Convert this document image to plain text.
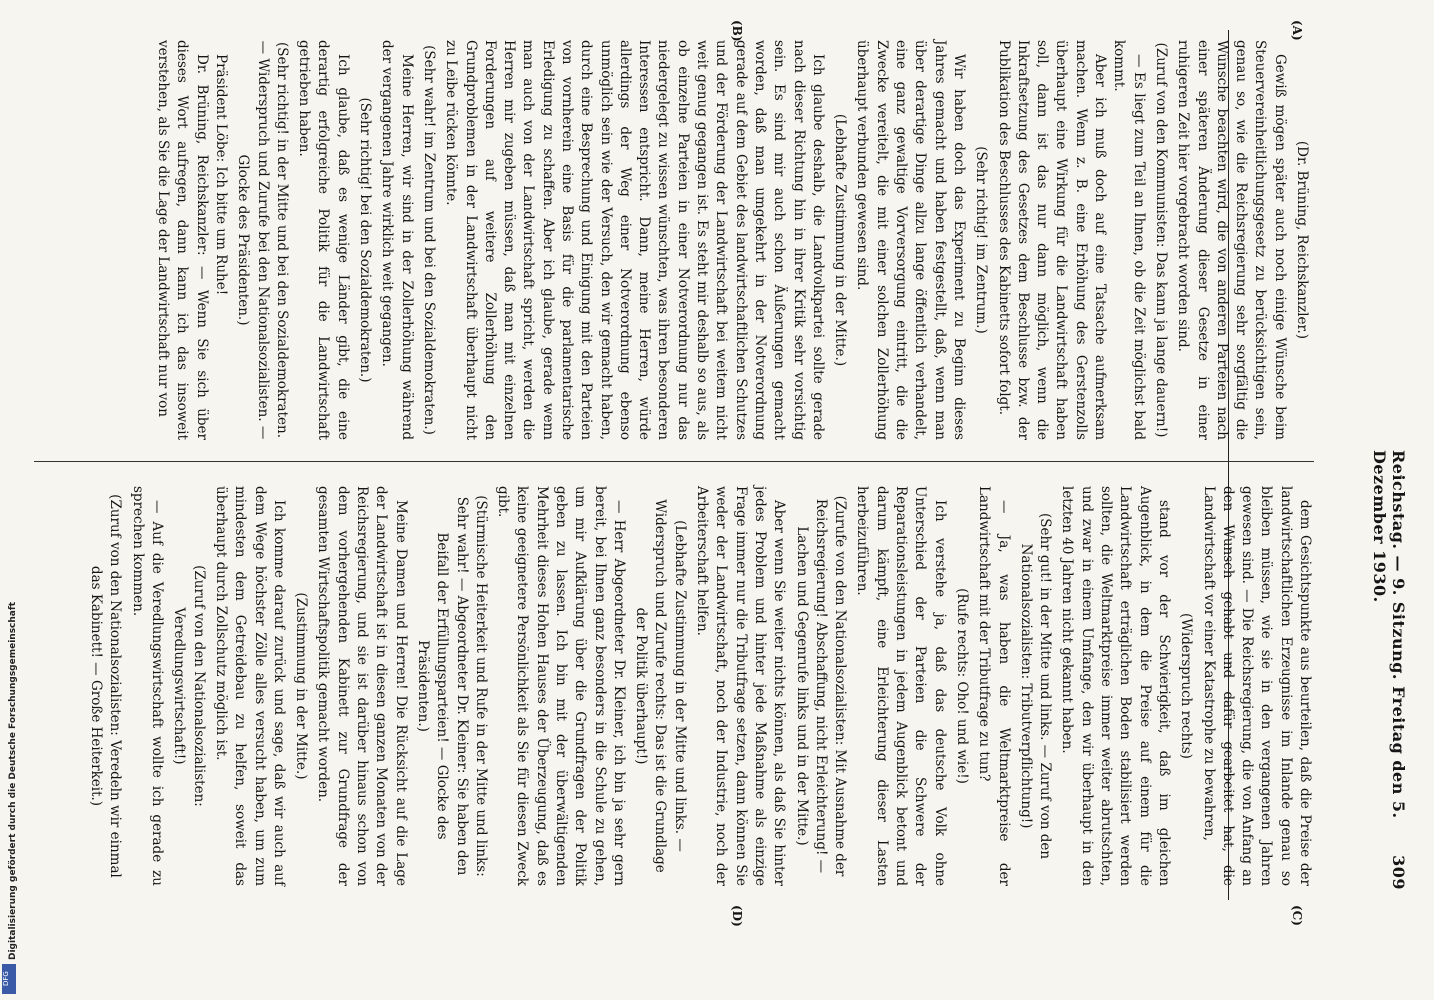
Reichstag. — 9. Sitzung. Freitag den 5. Dezember 1930.
309
(A)
(B)
(C)
(D)
(Dr. Brüning, Reichskanzler.)
Gewiß mögen später auch noch einige Wünsche beim Steuervereinheitlichungsgesetz zu berücksichtigen sein, genau so, wie die Reichsregierung sehr sorgfältig die Wünsche beachten wird, die von anderen Parteien nach einer späteren Änderung dieser Gesetze in einer ruhigeren Zeit hier vorgebracht worden sind.
(Zuruf von den Kommunisten: Das kann ja lange dauern!)
— Es liegt zum Teil an Ihnen, ob die Zeit möglichst bald kommt.
Aber ich muß doch auf eine Tatsache aufmerksam machen. Wenn z. B. eine Erhöhung des Gerstenzolls überhaupt eine Wirkung für die Landwirtschaft haben soll, dann ist das nur dann möglich, wenn die Inkraftsetzung des Gesetzes dem Beschlusse bzw. der Publikation des Beschlusses des Kabinetts sofort folgt.
(Sehr richtig! im Zentrum.)
Wir haben doch das Experiment zu Beginn dieses Jahres gemacht und haben festgestellt, daß, wenn man über derartige Dinge allzu lange öffentlich verhandelt, eine ganz gewaltige Vorversorgung eintritt, die die Zwecke vereitelt, die mit einer solchen Zollerhöhung überhaupt verbunden gewesen sind.
(Lebhafte Zustimmung in der Mitte.)
Ich glaube deshalb, die Landvolkpartei sollte gerade nach dieser Richtung hin in ihrer Kritik sehr vorsichtig sein. Es sind mir auch schon Äußerungen gemacht worden, daß man umgekehrt in der Notverordnung gerade auf dem Gebiet des landwirtschaftlichen Schutzes und der Förderung der Landwirtschaft bei weitem nicht weit genug gegangen ist. Es steht mir deshalb so aus, als ob einzelne Parteien in einer Notverordnung nur das niedergelegt zu wissen wünschten, was ihren besonderen Interessen entspricht. Dann, meine Herren, würde allerdings der Weg einer Notverordnung ebenso unmöglich sein wie der Versuch, den wir gemacht haben, durch eine Besprechung und Einigung mit den Parteien von vornherein eine Basis für die parlamentarische Erledigung zu schaffen. Aber ich glaube, gerade wenn man auch von der Landwirtschaft spricht, werden die Herren mir zugeben müssen, daß man mit einzelnen Forderungen auf weitere Zollerhöhung den Grundproblemen in der Landwirtschaft überhaupt nicht zu Leibe rücken könnte.
(Sehr wahr! im Zentrum und bei den Sozialdemokraten.)
Meine Herren, wir sind in der Zollerhöhung während der vergangenen Jahre wirklich weit gegangen.
(Sehr richtig! bei den Sozialdemokraten.)
Ich glaube, daß es wenige Länder gibt, die eine derartig erfolgreiche Politik für die Landwirtschaft getrieben haben.
(Sehr richtig! in der Mitte und bei den Sozialdemokraten. — Widerspruch und Zurufe bei den Nationalsozialisten. — Glocke des Präsidenten.)
Präsident Löbe: Ich bitte um Ruhe!
Dr. Brüning, Reichskanzler: — Wenn Sie sich über dieses Wort aufregen, dann kann ich das insoweit verstehen, als Sie die Lage der Landwirtschaft nur von
dem Gesichtspunkte aus beurteilen, daß die Preise der landwirtschaftlichen Erzeugnisse im Inlande genau so bleiben müssen, wie sie in den vergangenen Jahren gewesen sind. — Die Reichsregierung, die von Anfang an den Wunsch gehabt und dafür gearbeitet hat, die Landwirtschaft vor einer Katastrophe zu bewahren,
(Widerspruch rechts)
stand vor der Schwierigkeit, daß im gleichen Augenblick, in dem die Preise auf einem für die Landwirtschaft erträglichen Boden stabilisiert werden sollten, die Weltmarktpreise immer weiter abrutschten, und zwar in einem Umfange, den wir überhaupt in den letzten 40 Jahren nicht gekannt haben.
(Sehr gut! in der Mitte und links. — Zuruf von den Nationalsozialisten: Tributverpflichtung!)
— Ja, was haben die Weltmarktpreise der Landwirtschaft mit der Tributfrage zu tun?
(Rufe rechts: Oho! und wie!)
Ich verstehe ja, daß das deutsche Volk ohne Unterschied der Parteien die Schwere der Reparationsleistungen in jedem Augenblick betont und darum kämpft, eine Erleichterung dieser Lasten herbeizuführen.
(Zurufe von den Nationalsozialisten: Mit Ausnahme der Reichsregierung! Abschaffung, nicht Erleichterung! — Lachen und Gegenrufe links und in der Mitte.)
Aber wenn Sie weiter nichts können, als daß Sie hinter jedes Problem und hinter jede Maßnahme als einzige Frage immer nur die Tributfrage setzen, dann können Sie weder der Landwirtschaft, noch der Industrie, noch der Arbeiterschaft helfen.
(Lebhafte Zustimmung in der Mitte und links. — Widerspruch und Zurufe rechts: Das ist die Grundlage der Politik überhaupt!)
— Herr Abgeordneter Dr. Kleiner, ich bin ja sehr gern bereit, bei Ihnen ganz besonders in die Schule zu gehen, um mir Aufklärung über die Grundfragen der Politik geben zu lassen. Ich bin mit der überwältigenden Mehrheit dieses Hohen Hauses der Überzeugung, daß es keine geeignetere Persönlichkeit als Sie für diesen Zweck gibt.
(Stürmische Heiterkeit und Rufe in der Mitte und links: Sehr wahr! — Abgeordneter Dr. Kleiner: Sie haben den Beifall der Erfüllungsparteien! — Glocke des Präsidenten.)
Meine Damen und Herren! Die Rücksicht auf die Lage der Landwirtschaft ist in diesen ganzen Monaten von der Reichsregierung, und sie ist darüber hinaus schon von dem vorhergehenden Kabinett zur Grundfrage der gesamten Wirtschaftspolitik gemacht worden.
(Zustimmung in der Mitte.)
Ich komme darauf zurück und sage, daß wir auch auf dem Wege höchster Zölle alles versucht haben, um zum mindesten dem Getreidebau zu helfen, soweit das überhaupt durch Zollschutz möglich ist.
(Zuruf von den Nationalsozialisten: Veredlungswirtschaft!)
— Auf die Veredlungswirtschaft wollte ich gerade zu sprechen kommen.
(Zuruf von den Nationalsozialisten: Veredeln wir einmal das Kabinett! — Große Heiterkeit.)
Digitalisierung gefördert durch die Deutsche Forschungsgemeinschaft
DFG
